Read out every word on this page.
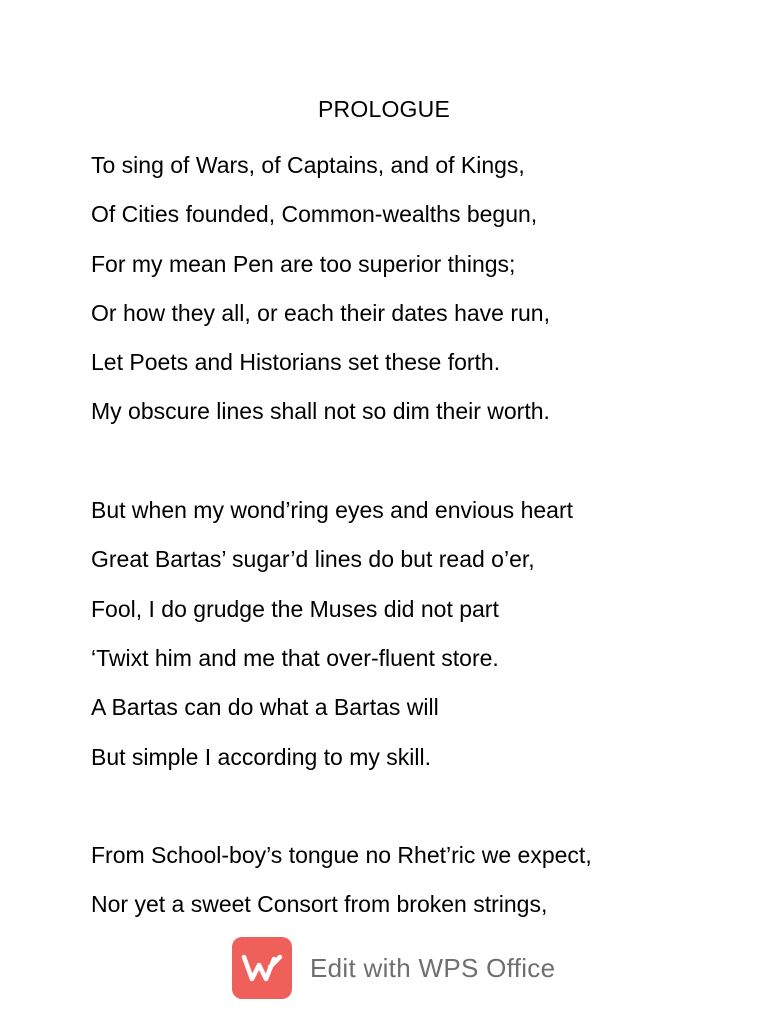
PROLOGUE
To sing of Wars, of Captains, and of Kings,
Of Cities founded, Common-wealths begun,
For my mean Pen are too superior things;
Or how they all, or each their dates have run,
Let Poets and Historians set these forth.
My obscure lines shall not so dim their worth.
But when my wond’ring eyes and envious heart
Great Bartas’ sugar’d lines do but read o’er,
Fool, I do grudge the Muses did not part
‘Twixt him and me that over-fluent store.
A Bartas can do what a Bartas will
But simple I according to my skill.
From School-boy’s tongue no Rhet’ric we expect,
Nor yet a sweet Consort from broken strings,
Edit with WPS Office
